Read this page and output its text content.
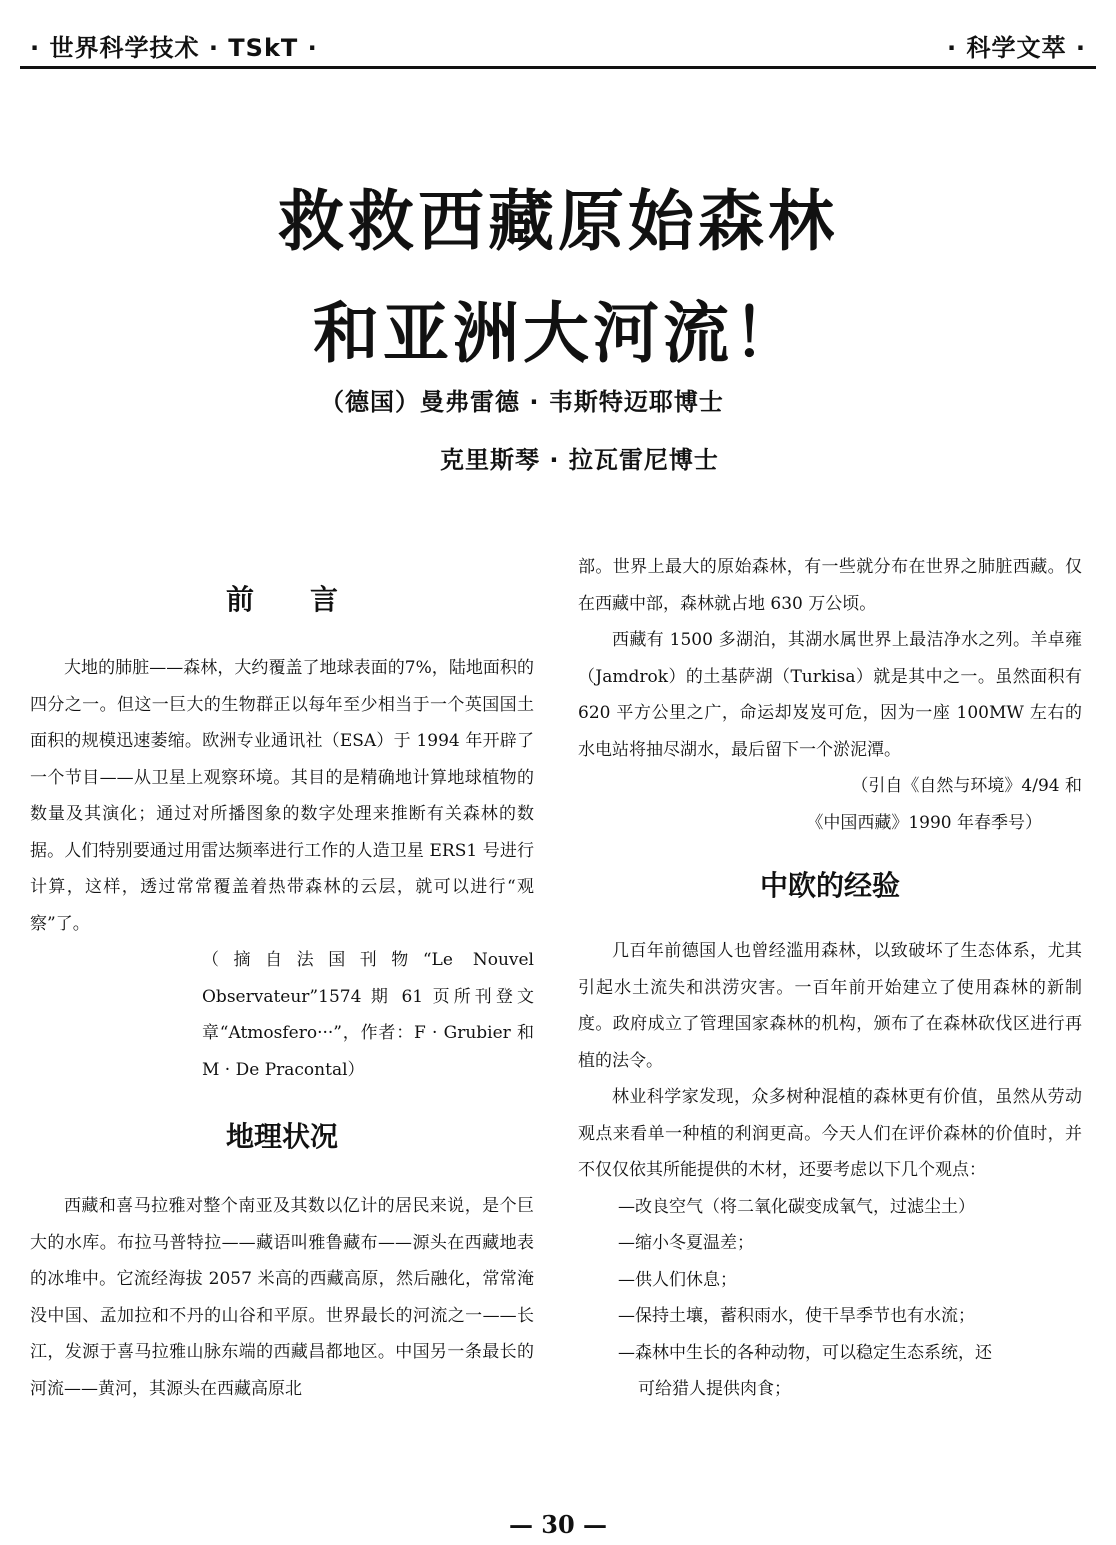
· 世界科学技术 · TSkT ·	· 科学文萃 ·
救救西藏原始森林
和亚洲大河流！
（德国）曼弗雷德 · 韦斯特迈耶博士
克里斯琴 · 拉瓦雷尼博士
前　　言

大地的肺脏——森林，大约覆盖了地球表面的7%，陆地面积的四分之一。但这一巨大的生物群正以每年至少相当于一个英国国土面积的规模迅速萎缩。欧洲专业通讯社（ESA）于 1994 年开辟了一个节目——从卫星上观察环境。其目的是精确地计算地球植物的数量及其演化；通过对所播图象的数字处理来推断有关森林的数据。人们特别要通过用雷达频率进行工作的人造卫星 ERS1 号进行计算，这样，透过常常覆盖着热带森林的云层，就可以进行“观察”了。

（摘自法国刊物“Le Nouvel Observateur”1574 期 61 页所刊登文章“Atmosfero···”，作者：F · Grubier 和 M · De Pracontal）

地理状况

西藏和喜马拉雅对整个南亚及其数以亿计的居民来说，是个巨大的水库。布拉马普特拉——藏语叫雅鲁藏布——源头在西藏地表的冰堆中。它流经海拔 2057 米高的西藏高原，然后融化，常常淹没中国、孟加拉和不丹的山谷和平原。世界最长的河流之一——长江，发源于喜马拉雅山脉东端的西藏昌都地区。中国另一条最长的河流——黄河，其源头在西藏高原北

部。世界上最大的原始森林，有一些就分布在世界之肺脏西藏。仅在西藏中部，森林就占地 630 万公顷。

西藏有 1500 多湖泊，其湖水属世界上最洁净水之列。羊卓雍（Jamdrok）的土基萨湖（Turkisa）就是其中之一。虽然面积有 620 平方公里之广，命运却岌岌可危，因为一座 100MW 左右的水电站将抽尽湖水，最后留下一个淤泥潭。

（引自《自然与环境》4/94 和

《中国西藏》1990 年春季号）

中欧的经验

几百年前德国人也曾经滥用森林，以致破坏了生态体系，尤其引起水土流失和洪涝灾害。一百年前开始建立了使用森林的新制度。政府成立了管理国家森林的机构，颁布了在森林砍伐区进行再植的法令。

林业科学家发现，众多树种混植的森林更有价值，虽然从劳动观点来看单一种植的利润更高。今天人们在评价森林的价值时，并不仅仅依其所能提供的木材，还要考虑以下几个观点：

—改良空气（将二氧化碳变成氧气，过滤尘土）
—缩小冬夏温差；
—供人们休息；
—保持土壤，蓄积雨水，使干旱季节也有水流；
—森林中生长的各种动物，可以稳定生态系统，还
可给猎人提供肉食；
— 30 —
